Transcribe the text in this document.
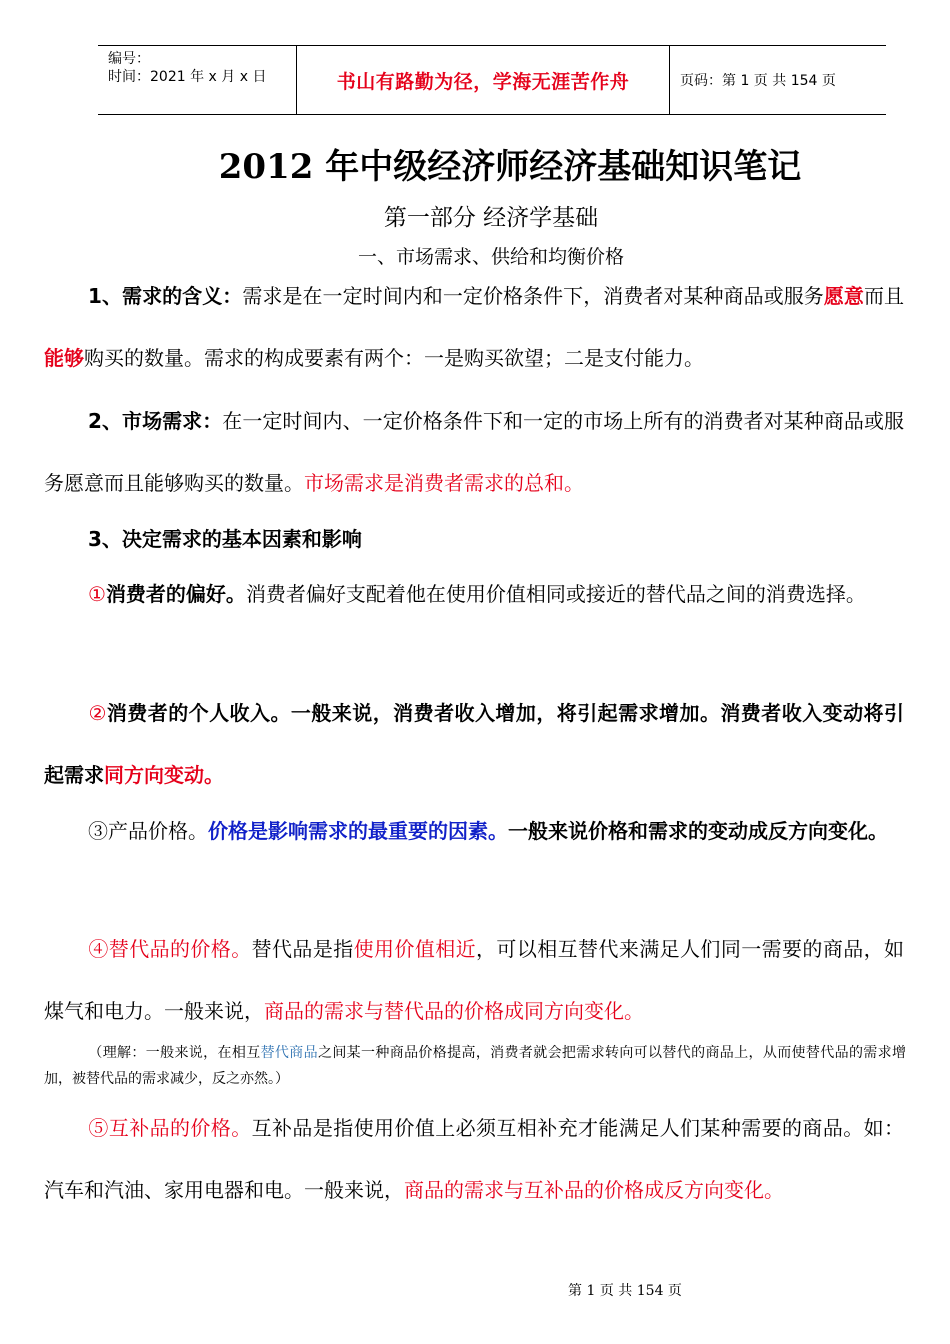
编号：
时间：2021 年 x 月 x 日	书山有路勤为径，学海无涯苦作舟	页码：第 1 页 共 154 页
2012 年中级经济师经济基础知识笔记
第一部分 经济学基础
一、市场需求、供给和均衡价格
1、需求的含义：需求是在一定时间内和一定价格条件下，消费者对某种商品或服务愿意而且能够购买的数量。需求的构成要素有两个：一是购买欲望；二是支付能力。
2、市场需求：在一定时间内、一定价格条件下和一定的市场上所有的消费者对某种商品或服务愿意而且能够购买的数量。市场需求是消费者需求的总和。
3、决定需求的基本因素和影响
①消费者的偏好。消费者偏好支配着他在使用价值相同或接近的替代品之间的消费选择。
②消费者的个人收入。一般来说，消费者收入增加，将引起需求增加。消费者收入变动将引起需求同方向变动。
③产品价格。价格是影响需求的最重要的因素。一般来说价格和需求的变动成反方向变化。
④替代品的价格。替代品是指使用价值相近，可以相互替代来满足人们同一需要的商品，如煤气和电力。一般来说，商品的需求与替代品的价格成同方向变化。
（理解：一般来说，在相互替代商品之间某一种商品价格提高，消费者就会把需求转向可以替代的商品上，从而使替代品的需求增加，被替代品的需求减少，反之亦然。）
⑤互补品的价格。互补品是指使用价值上必须互相补充才能满足人们某种需要的商品。如：汽车和汽油、家用电器和电。一般来说，商品的需求与互补品的价格成反方向变化。
第 1 页 共 154 页
